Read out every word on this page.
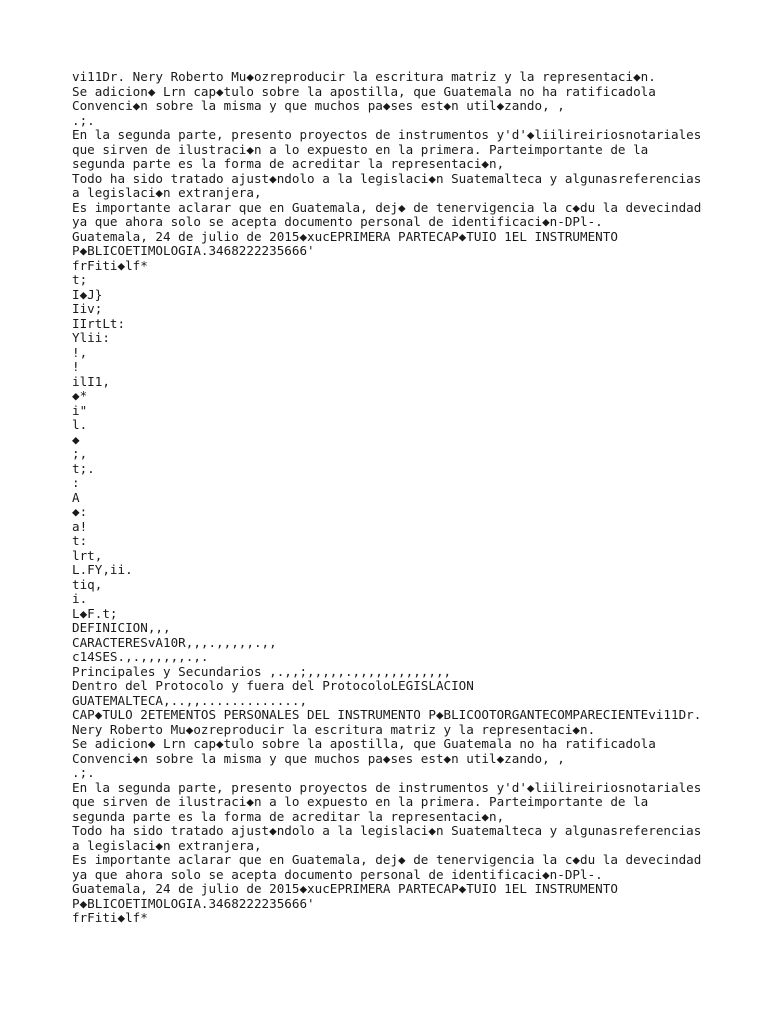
vi11Dr. Nery Roberto Mu◆ozreproducir la escritura matriz y la representaci◆n.
Se adicion◆ Lrn cap◆tulo sobre la apostilla, que Guatemala no ha ratificadola
Convenci◆n sobre la misma y que muchos pa◆ses est◆n util◆zando, ,
.;.
En la segunda parte, presento proyectos de instrumentos y'd'◆liilireiriosnotariales
que sirven de ilustraci◆n a lo expuesto en la primera. Parteimportante de la
segunda parte es la forma de acreditar la representaci◆n,
Todo ha sido tratado ajust◆ndolo a la legislaci◆n Suatemalteca y algunasreferencias
a legislaci◆n extranjera,
Es importante aclarar que en Guatemala, dej◆ de tenervigencia la c◆du la devecindad
ya que ahora solo se acepta documento personal de identificaci◆n-DPl-.
Guatemala, 24 de julio de 2015◆xucEPRIMERA PARTECAP◆TUIO 1EL INSTRUMENTO
P◆BLICOETIMOLOGIA.3468222235666'
frFiti◆lf*
t;
I◆J}
Iiv;
IIrtLt:
Ylii:
!,
!
ilI1,
◆*
i"
l.
◆
;,
t;.
:
A
◆:
a!
t:
lrt,
L.FY,ii.
tiq,
i.
L◆F.t;
DEFINICION,,,
CARACTERESvA10R,,,.,,,,,.,,
c14SES.,.,,,,,,.,.
Principales y Secundarios ,.,,;,,,,,.,,,,,,,,,,,,,
Dentro del Protocolo y fuera del ProtocoloLEGISLACION
GUATEMALTECA,..,,.............,
CAP◆TULO 2ETEMENTOS PERSONALES DEL INSTRUMENTO P◆BLICOOTORGANTECOMPARECIENTEvi11Dr.
Nery Roberto Mu◆ozreproducir la escritura matriz y la representaci◆n.
Se adicion◆ Lrn cap◆tulo sobre la apostilla, que Guatemala no ha ratificadola
Convenci◆n sobre la misma y que muchos pa◆ses est◆n util◆zando, ,
.;.
En la segunda parte, presento proyectos de instrumentos y'd'◆liilireiriosnotariales
que sirven de ilustraci◆n a lo expuesto en la primera. Parteimportante de la
segunda parte es la forma de acreditar la representaci◆n,
Todo ha sido tratado ajust◆ndolo a la legislaci◆n Suatemalteca y algunasreferencias
a legislaci◆n extranjera,
Es importante aclarar que en Guatemala, dej◆ de tenervigencia la c◆du la devecindad
ya que ahora solo se acepta documento personal de identificaci◆n-DPl-.
Guatemala, 24 de julio de 2015◆xucEPRIMERA PARTECAP◆TUIO 1EL INSTRUMENTO
P◆BLICOETIMOLOGIA.3468222235666'
frFiti◆lf*
